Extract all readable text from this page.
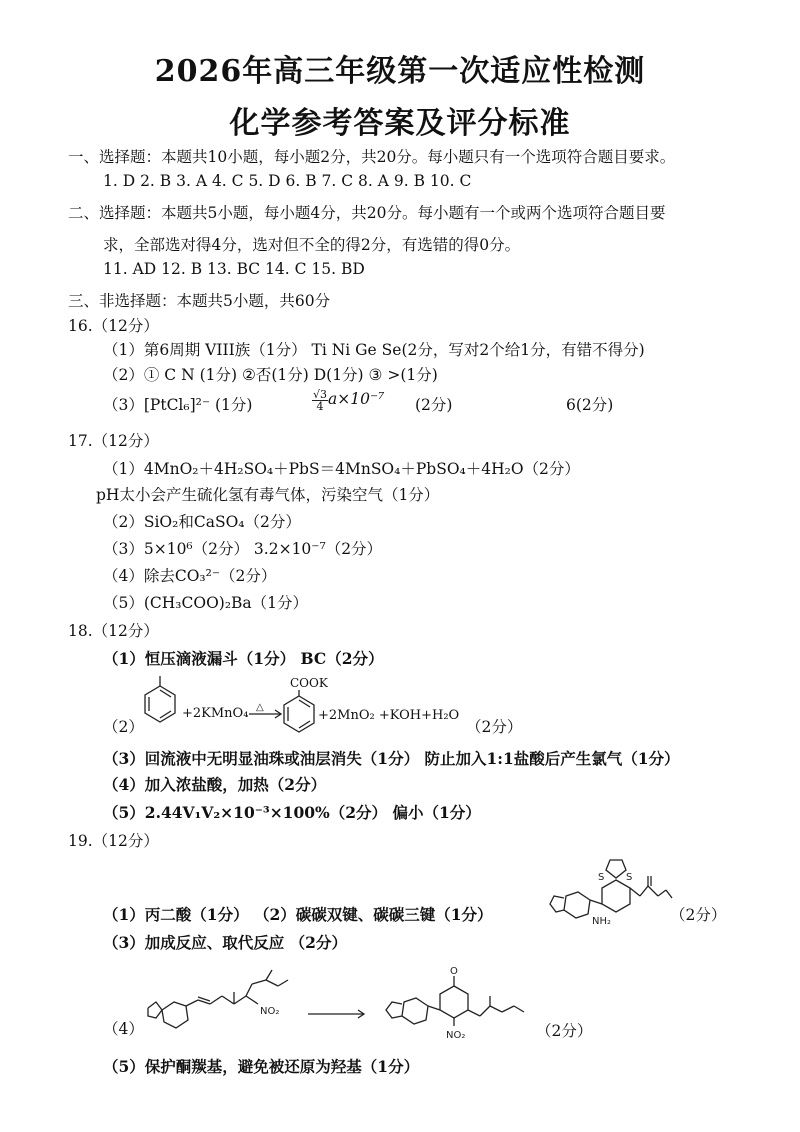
2026年高三年级第一次适应性检测
化学参考答案及评分标准
一、选择题：本题共10小题，每小题2分，共20分。每小题只有一个选项符合题目要求。
1. D 2. B 3. A 4. C 5. D 6. B 7. C 8. A 9. B 10. C
二、选择题：本题共5小题，每小题4分，共20分。每小题有一个或两个选项符合题目要
求，全部选对得4分，选对但不全的得2分，有选错的得0分。
11. AD 12. B 13. BC 14. C 15. BD
三、非选择题：本题共5小题，共60分
16.（12分）
（1）第6周期 VIII族（1分） Ti Ni Ge Se(2分，写对2个给1分，有错不得分)
（2）① C N (1分) ②否(1分) D(1分) ③ >(1分)
（3）[PtCl₆]²⁻ (1分)	$\frac{√3}{4} a\times 10^{-7}$ (2分)	6(2分)
17.（12分）
（1）4MnO₂＋4H₂SO₄＋PbS＝4MnSO₄＋PbSO₄＋4H₂O（2分）
pH太小会产生硫化氢有毒气体，污染空气（1分）
（2）SiO₂和CaSO₄（2分）
（3）5×10⁶（2分） 3.2×10⁻⁷（2分）
（4）除去CO₃²⁻（2分）
（5）(CH₃COO)₂Ba（1分）
18.（12分）
（1）恒压滴液漏斗（1分） BC（2分）
（2）
+2KMnO₄ △
COOK
+2MnO₂ +KOH+H₂O
（2分）
（3）回流液中无明显油珠或油层消失（1分） 防止加入1:1盐酸后产生氯气（1分）
（4）加入浓盐酸，加热（2分）
（5）2.44V₁V₂×10⁻³×100%（2分） 偏小（1分）
19.（12分）
（1）丙二酸（1分） （2）碳碳双键、碳碳三键（1分）
S S
NH₂	（2分）
（3）加成反应、取代反应 （2分）
（4）
NO₂
O
NO₂	（2分）
（5）保护酮羰基，避免被还原为羟基（1分）
